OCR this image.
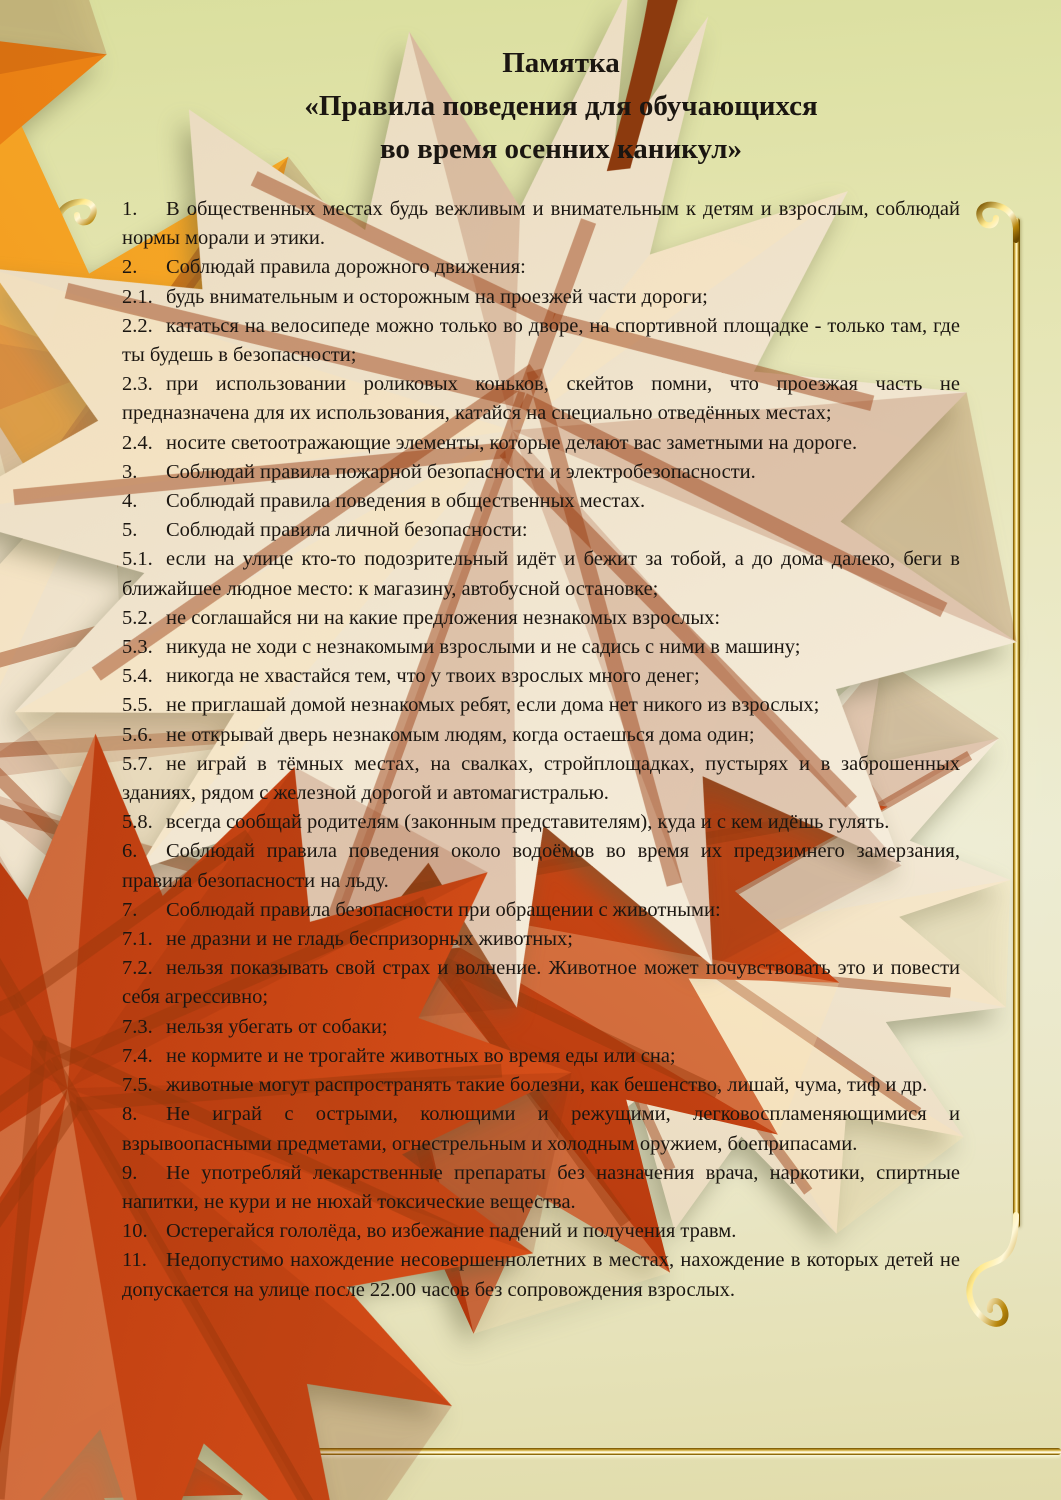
Памятка
«Правила поведения для обучающихся
во время осенних каникул»

1. В общественных местах будь вежливым и внимательным к детям и взрослым, соблюдай нормы морали и этики.

2. Соблюдай правила дорожного движения:

2.1. будь внимательным и осторожным на проезжей части дороги;

2.2. кататься на велосипеде можно только во дворе, на спортивной площадке - только там, где ты будешь в безопасности;

2.3. при использовании роликовых коньков, скейтов помни, что проезжая часть не предназначена для их использования, катайся на специально отведённых местах;

2.4. носите светоотражающие элементы, которые делают вас заметными на дороге.

3. Соблюдай правила пожарной безопасности и электробезопасности.

4. Соблюдай правила поведения в общественных местах.

5. Соблюдай правила личной безопасности:

5.1. если на улице кто-то подозрительный идёт и бежит за тобой, а до дома далеко, беги в ближайшее людное место: к магазину, автобусной остановке;

5.2. не соглашайся ни на какие предложения незнакомых взрослых:

5.3. никуда не ходи с незнакомыми взрослыми и не садись с ними в машину;

5.4. никогда не хвастайся тем, что у твоих взрослых много денег;

5.5. не приглашай домой незнакомых ребят, если дома нет никого из взрослых;

5.6. не открывай дверь незнакомым людям, когда остаешься дома один;

5.7. не играй в тёмных местах, на свалках, стройплощадках, пустырях и в заброшенных зданиях, рядом с железной дорогой и автомагистралью.

5.8. всегда сообщай родителям (законным представителям), куда и с кем идёшь гулять.

6. Соблюдай правила поведения около водоёмов во время их предзимнего замерзания, правила безопасности на льду.

7. Соблюдай правила безопасности при обращении с животными:

7.1. не дразни и не гладь беспризорных животных;

7.2. нельзя показывать свой страх и волнение. Животное может почувствовать это и повести себя агрессивно;

7.3. нельзя убегать от собаки;

7.4. не кормите и не трогайте животных во время еды или сна;

7.5. животные могут распространять такие болезни, как бешенство, лишай, чума, тиф и др.

8. Не играй с острыми, колющими и режущими, легковоспламеняющимися и взрывоопасными предметами, огнестрельным и холодным оружием, боеприпасами.

9. Не употребляй лекарственные препараты без назначения врача, наркотики, спиртные напитки, не кури и не нюхай токсические вещества.

10. Остерегайся гололёда, во избежание падений и получения травм.

11. Недопустимо нахождение несовершеннолетних в местах, нахождение в которых детей не допускается на улице после 22.00 часов без сопровождения взрослых.
